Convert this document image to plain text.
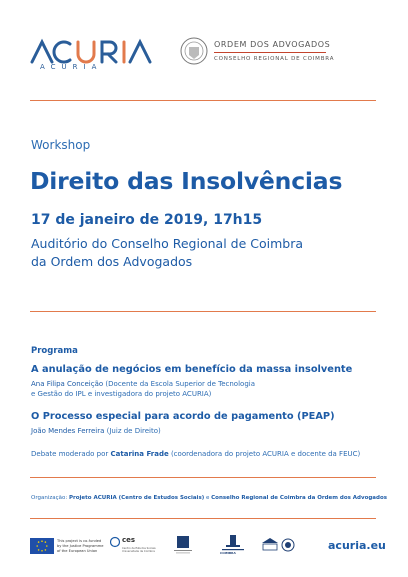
ACURIA
ORDEM DOS ADVOGADOS
CONSELHO REGIONAL DE COIMBRA
Workshop
Direito das Insolvências
17 de janeiro de 2019, 17h15
Auditório do Conselho Regional de Coimbra
da Ordem dos Advogados
Programa
A anulação de negócios em benefício da massa insolvente
Ana Filipa Conceição (Docente da Escola Superior de Tecnologia
e Gestão do IPL e investigadora do projeto ACURIA)
O Processo especial para acordo de pagamento (PEAP)
João Mendes Ferreira (Juiz de Direito)
Debate moderado por Catarina Frade (coordenadora do projeto ACURIA e docente da FEUC)
Organização: Projeto ACURIA (Centro de Estudos Sociais) e Conselho Regional de Coimbra da Ordem dos Advogados
This project is co-funded
by the Justice Programme
of the European Union
ces
Centro de Estudos Sociais
Universidade de Coimbra	COIMBRA
acuria.eu
